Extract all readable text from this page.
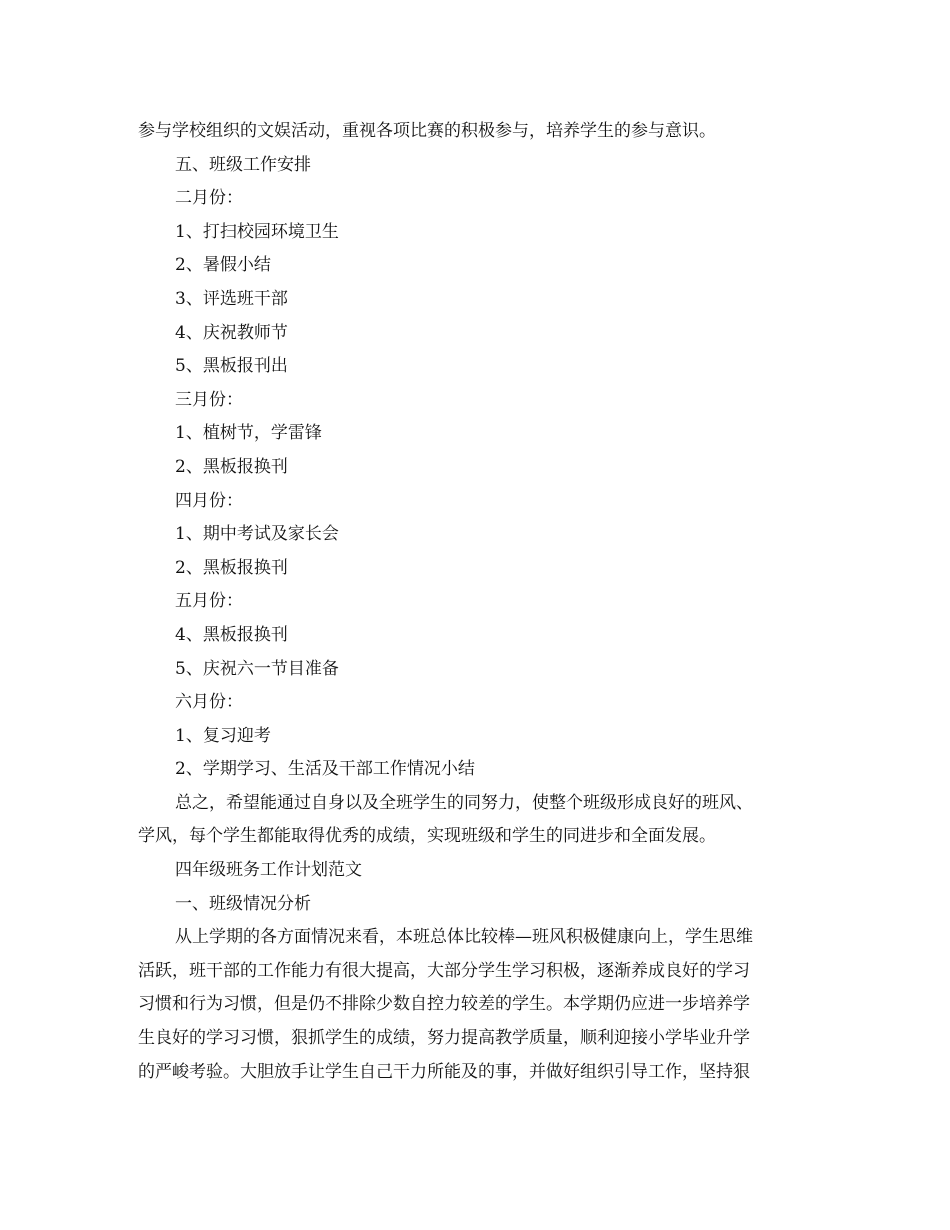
参与学校组织的文娱活动，重视各项比赛的积极参与，培养学生的参与意识。

五、班级工作安排

二月份：

1、打扫校园环境卫生

2、暑假小结

3、评选班干部

4、庆祝教师节

5、黑板报刊出

三月份：

1、植树节，学雷锋

2、黑板报换刊

四月份：

1、期中考试及家长会

2、黑板报换刊

五月份：

4、黑板报换刊

5、庆祝六一节目准备

六月份：

1、复习迎考

2、学期学习、生活及干部工作情况小结

总之，希望能通过自身以及全班学生的同努力，使整个班级形成良好的班风、

学风，每个学生都能取得优秀的成绩，实现班级和学生的同进步和全面发展。

四年级班务工作计划范文

一、班级情况分析

从上学期的各方面情况来看，本班总体比较棒—班风积极健康向上，学生思维

活跃，班干部的工作能力有很大提高，大部分学生学习积极，逐渐养成良好的学习

习惯和行为习惯，但是仍不排除少数自控力较差的学生。本学期仍应进一步培养学

生良好的学习习惯，狠抓学生的成绩，努力提高教学质量，顺利迎接小学毕业升学

的严峻考验。大胆放手让学生自己干力所能及的事，并做好组织引导工作，坚持狠
